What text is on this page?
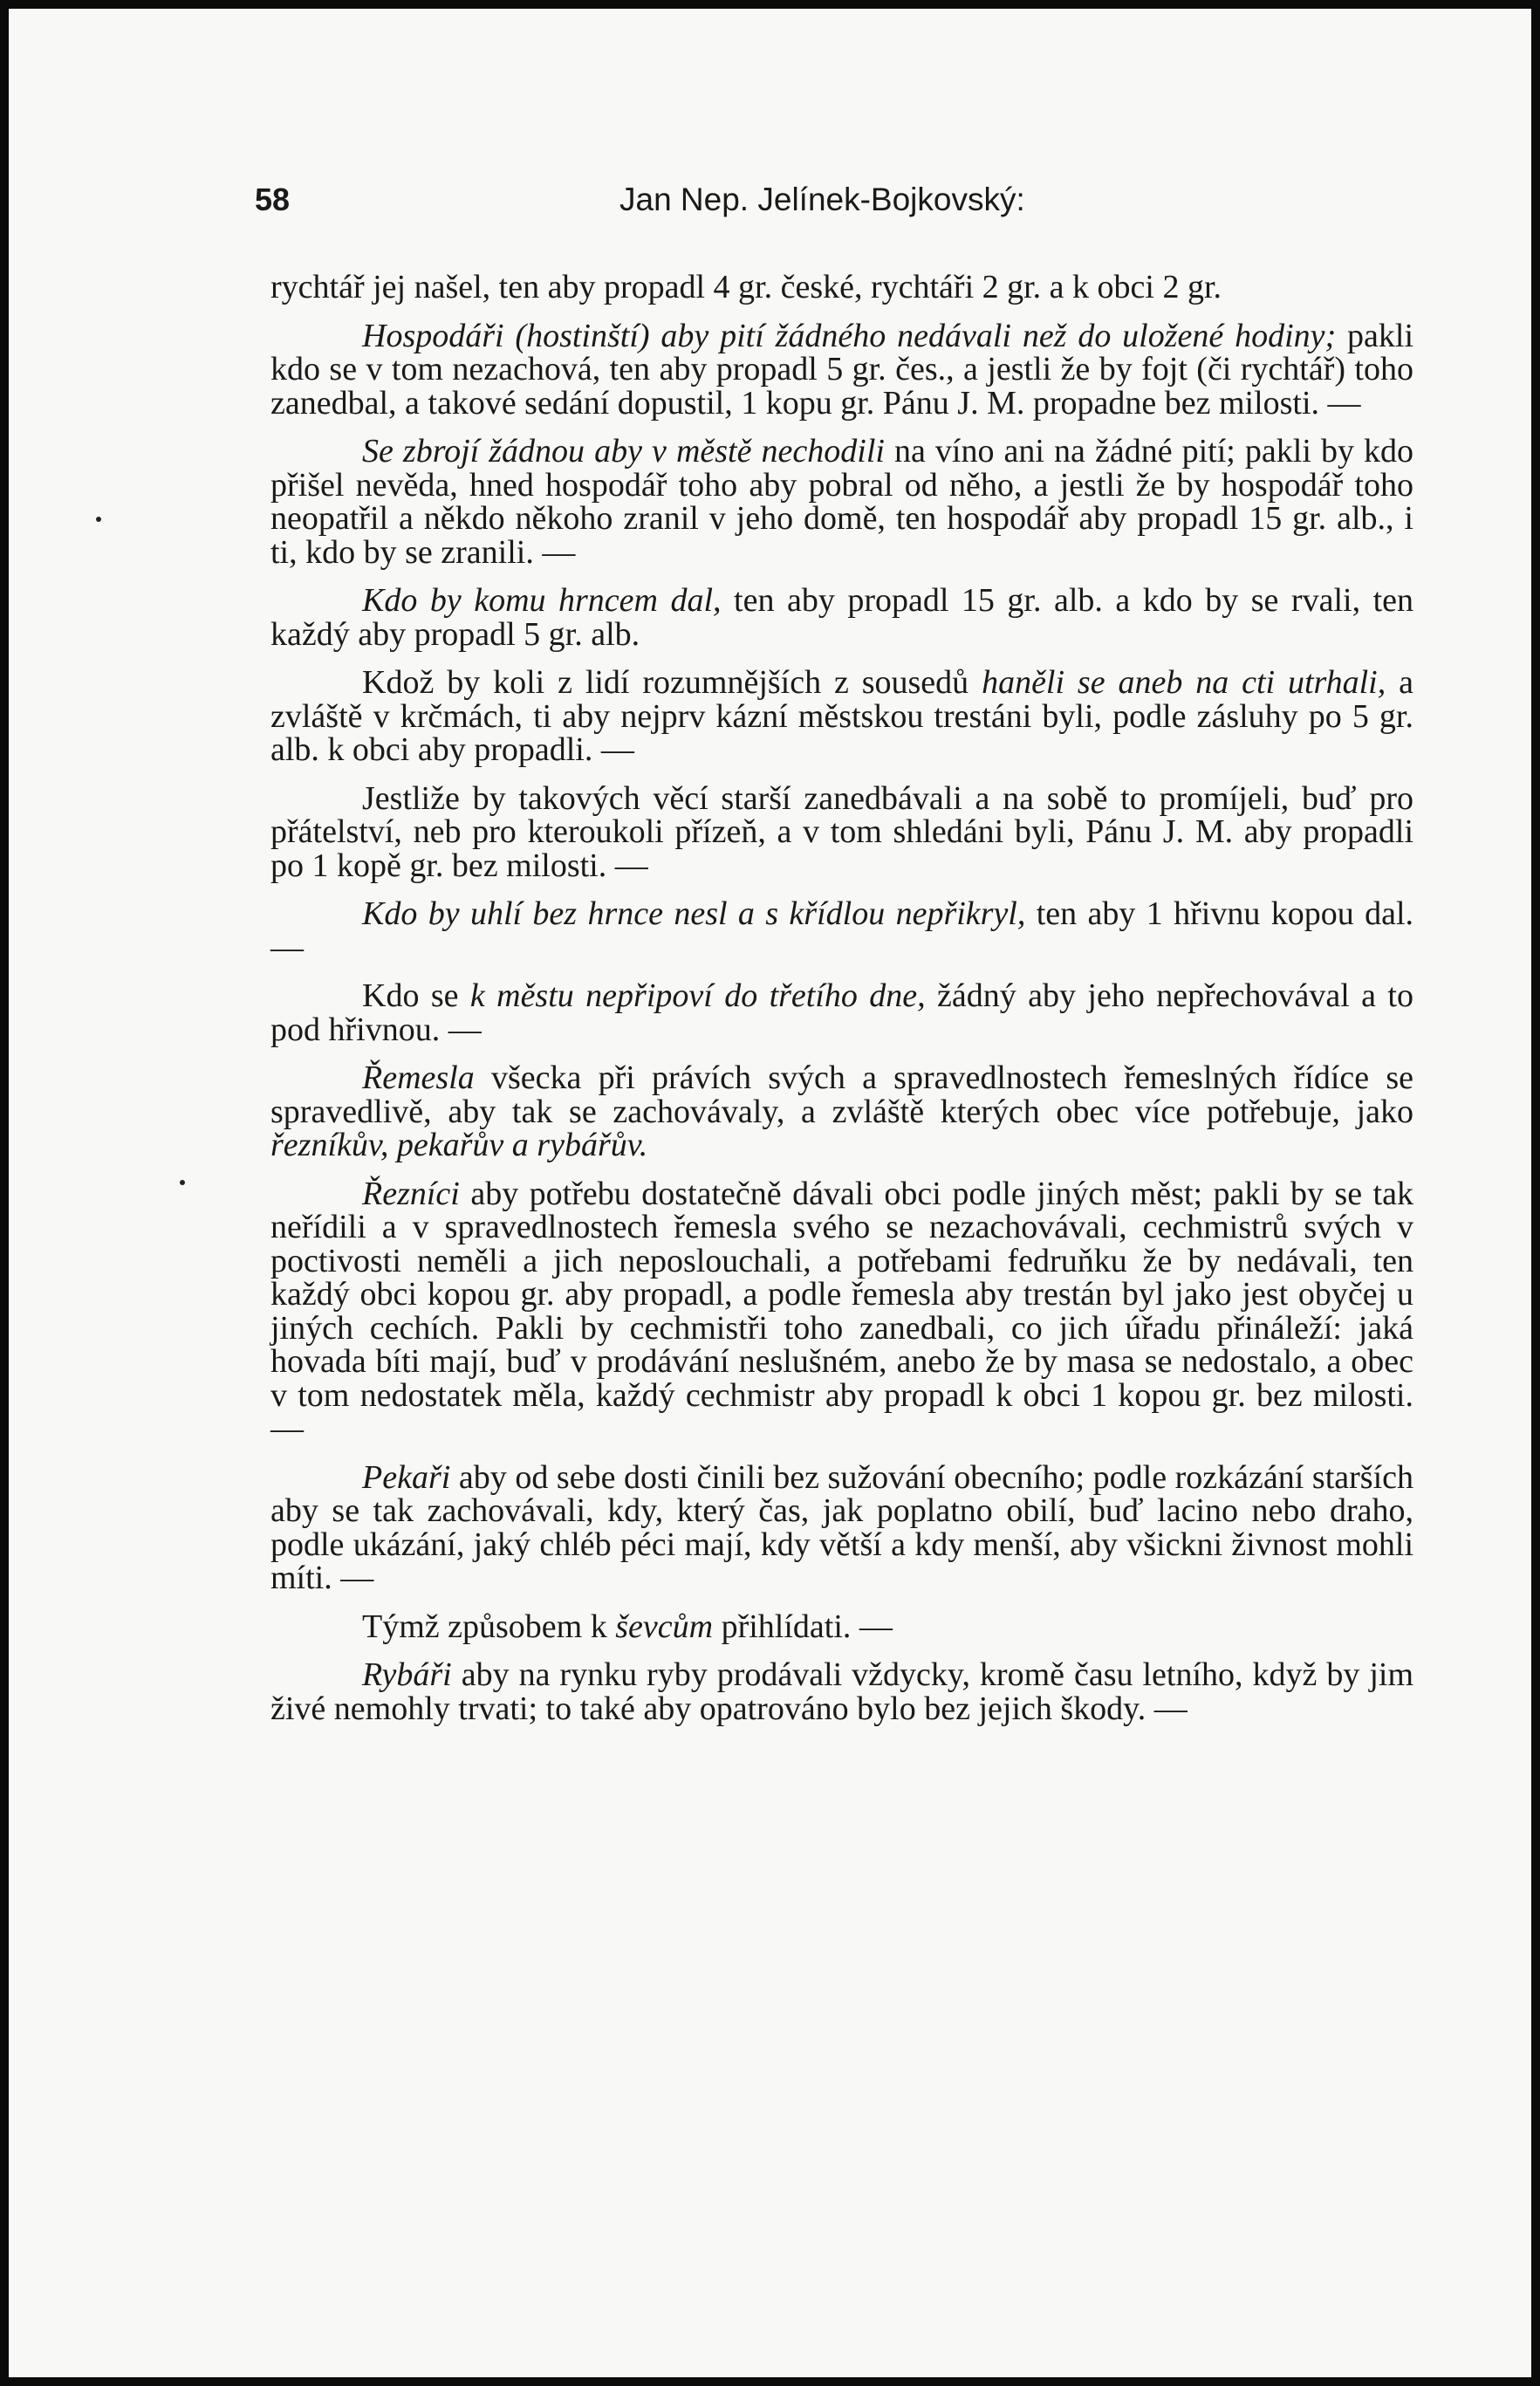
58	Jan Nep. Jelínek-Bojkovský:

rychtář jej našel, ten aby propadl 4 gr. české, rychtáři 2 gr. a k obci 2 gr.

Hospodáři (hostinští) aby pití žádného nedávali než do uložené hodiny; pakli kdo se v tom nezachová, ten aby propadl 5 gr. čes., a jestli že by fojt (či rychtář) toho zanedbal, a takové sedání dopustil, 1 kopu gr. Pánu J. M. propadne bez milosti. —

Se zbrojí žádnou aby v městě nechodili na víno ani na žádné pití; pakli by kdo přišel nevěda, hned hospodář toho aby pobral od něho, a jestli že by hospodář toho neopatřil a někdo někoho zranil v jeho domě, ten hospodář aby propadl 15 gr. alb., i ti, kdo by se zranili. —

Kdo by komu hrncem dal, ten aby propadl 15 gr. alb. a kdo by se rvali, ten každý aby propadl 5 gr. alb.

Kdož by koli z lidí rozumnějších z sousedů haněli se aneb na cti utrhali, a zvláště v krčmách, ti aby nejprv kázní městskou trestáni byli, podle zásluhy po 5 gr. alb. k obci aby propadli. —

Jestliže by takových věcí starší zanedbávali a na sobě to promíjeli, buď pro přátelství, neb pro kteroukoli přízeň, a v tom shledáni byli, Pánu J. M. aby propadli po 1 kopě gr. bez milosti. —

Kdo by uhlí bez hrnce nesl a s křídlou nepřikryl, ten aby 1 hřivnu kopou dal. —

Kdo se k městu nepřipoví do třetího dne, žádný aby jeho nepřechovával a to pod hřivnou. —

Řemesla všecka při právích svých a spravedlnostech řemeslných řídíce se spravedlivě, aby tak se zachovávaly, a zvláště kterých obec více potřebuje, jako řezníkův, pekařův a rybářův.

Řezníci aby potřebu dostatečně dávali obci podle jiných měst; pakli by se tak neřídili a v spravedlnostech řemesla svého se nezachovávali, cechmistrů svých v poctivosti neměli a jich neposlouchali, a potřebami fedruňku že by nedávali, ten každý obci kopou gr. aby propadl, a podle řemesla aby trestán byl jako jest obyčej u jiných cechích. Pakli by cechmistři toho zanedbali, co jich úřadu přináleží: jaká hovada bíti mají, buď v prodávání neslušném, anebo že by masa se nedostalo, a obec v tom nedostatek měla, každý cechmistr aby propadl k obci 1 kopou gr. bez milosti. —

Pekaři aby od sebe dosti činili bez sužování obecního; podle rozkázání starších aby se tak zachovávali, kdy, který čas, jak poplatno obilí, buď lacino nebo draho, podle ukázání, jaký chléb péci mají, kdy větší a kdy menší, aby všickni živnost mohli míti. —

Týmž způsobem k ševcům přihlídati. —

Rybáři aby na rynku ryby prodávali vždycky, kromě času letního, když by jim živé nemohly trvati; to také aby opatrováno bylo bez jejich škody. —
